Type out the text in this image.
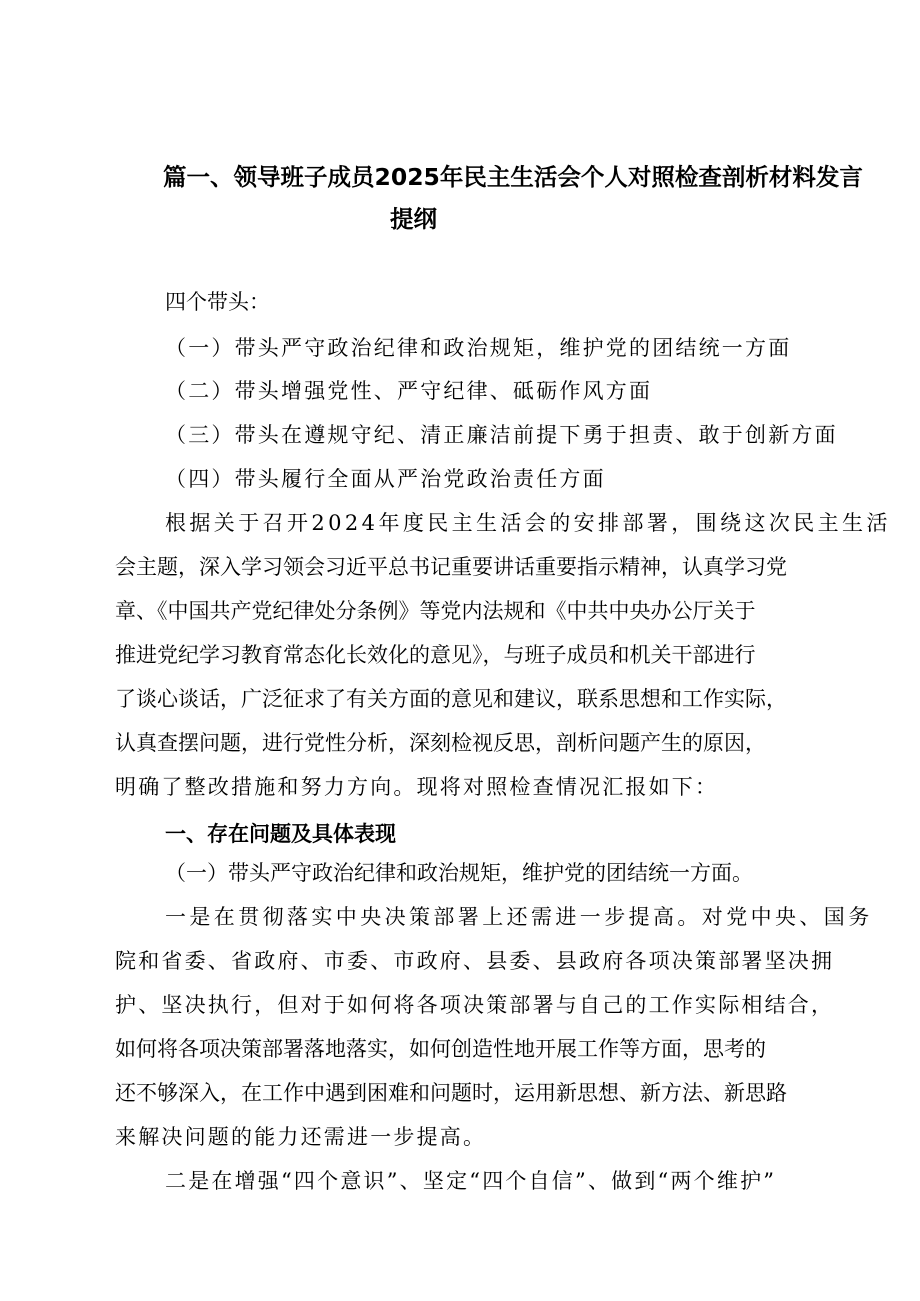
篇一、领导班子成员2025年民主生活会个人对照检查剖析材料发言
提纲
四个带头：
（一）带头严守政治纪律和政治规矩，维护党的团结统一方面
（二）带头增强党性、严守纪律、砥砺作风方面
（三）带头在遵规守纪、清正廉洁前提下勇于担责、敢于创新方面
（四）带头履行全面从严治党政治责任方面
根据关于召开2024年度民主生活会的安排部署，围绕这次民主生活
会主题，深入学习领会习近平总书记重要讲话重要指示精神，认真学习党
章、《中国共产党纪律处分条例》等党内法规和《中共中央办公厅关于
推进党纪学习教育常态化长效化的意见》，与班子成员和机关干部进行
了谈心谈话，广泛征求了有关方面的意见和建议，联系思想和工作实际，
认真查摆问题，进行党性分析，深刻检视反思，剖析问题产生的原因，
明确了整改措施和努力方向。现将对照检查情况汇报如下：
一、存在问题及具体表现
（一）带头严守政治纪律和政治规矩，维护党的团结统一方面。
一是在贯彻落实中央决策部署上还需进一步提高。对党中央、国务
院和省委、省政府、市委、市政府、县委、县政府各项决策部署坚决拥
护、坚决执行，但对于如何将各项决策部署与自己的工作实际相结合，
如何将各项决策部署落地落实，如何创造性地开展工作等方面，思考的
还不够深入，在工作中遇到困难和问题时，运用新思想、新方法、新思路
来解决问题的能力还需进一步提高。
二是在增强“四个意识”、坚定“四个自信”、做到“两个维护”
